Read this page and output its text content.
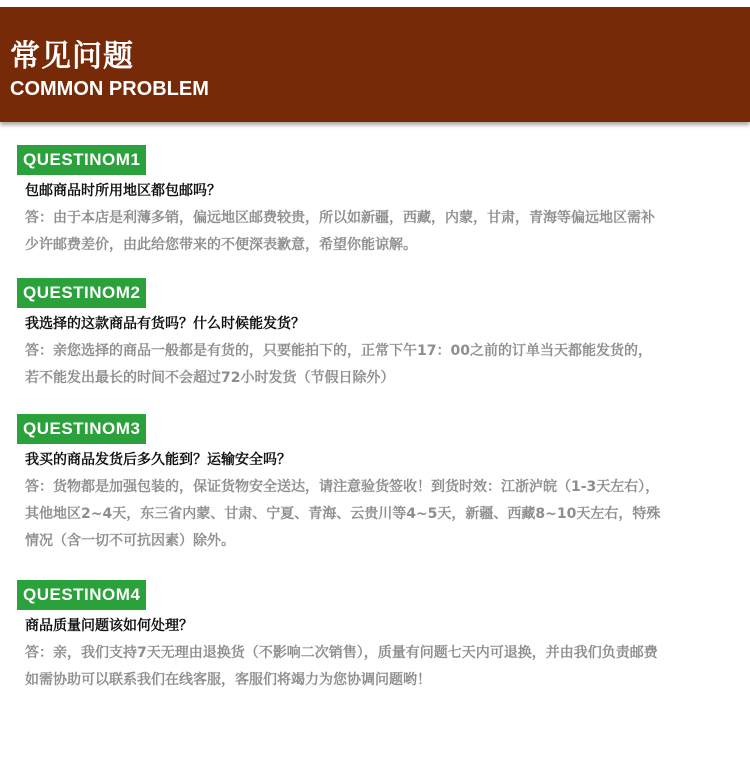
常见问题
COMMON PROBLEM
QUESTINOM1
包邮商品时所用地区都包邮吗？
答：由于本店是利薄多销，偏远地区邮费较贵，所以如新疆，西藏，内蒙，甘肃，青海等偏远地区需补
少许邮费差价，由此给您带来的不便深表歉意，希望你能谅解。
QUESTINOM2
我选择的这款商品有货吗？什么时候能发货？
答：亲您选择的商品一般都是有货的，只要能拍下的，正常下午17：00之前的订单当天都能发货的，
若不能发出最长的时间不会超过72小时发货（节假日除外）
QUESTINOM3
我买的商品发货后多久能到？运输安全吗？
答：货物都是加强包装的，保证货物安全送达，请注意验货签收！到货时效：江浙泸皖（1-3天左右），
其他地区2~4天，东三省内蒙、甘肃、宁夏、青海、云贵川等4~5天，新疆、西藏8~10天左右，特殊
情况（含一切不可抗因素）除外。
QUESTINOM4
商品质量问题该如何处理？
答：亲，我们支持7天无理由退换货（不影响二次销售），质量有问题七天内可退换，并由我们负责邮费
如需协助可以联系我们在线客服，客服们将竭力为您协调问题哟！
